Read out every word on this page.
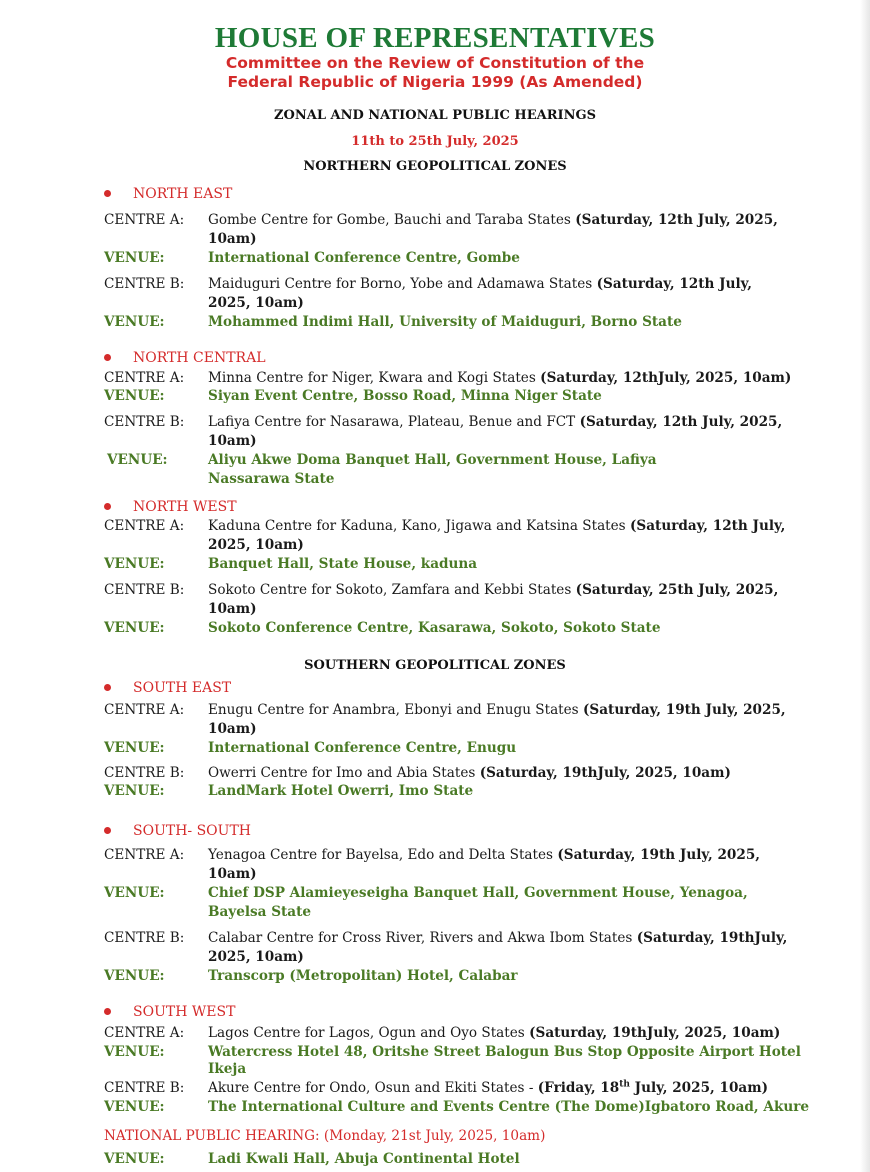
HOUSE OF REPRESENTATIVES
Committee on the Review of Constitution of the
Federal Republic of Nigeria 1999 (As Amended)
ZONAL AND NATIONAL PUBLIC HEARINGS
11th to 25th July, 2025
NORTHERN GEOPOLITICAL ZONES
NORTH EAST
CENTRE A: Gombe Centre for Gombe, Bauchi and Taraba States (Saturday, 12th July, 2025,
10am)
VENUE:	International Conference Centre, Gombe
CENTRE B: Maiduguri Centre for Borno, Yobe and Adamawa States (Saturday, 12th July,
2025, 10am)
VENUE:	Mohammed Indimi Hall, University of Maiduguri, Borno State
NORTH CENTRAL
CENTRE A: Minna Centre for Niger, Kwara and Kogi States (Saturday, 12thJuly, 2025, 10am)
VENUE:	Siyan Event Centre, Bosso Road, Minna Niger State
CENTRE B: Lafiya Centre for Nasarawa, Plateau, Benue and FCT (Saturday, 12th July, 2025,
10am)
VENUE:	Aliyu Akwe Doma Banquet Hall, Government House, Lafiya
Nassarawa State
NORTH WEST
CENTRE A: Kaduna Centre for Kaduna, Kano, Jigawa and Katsina States (Saturday, 12th July,
2025, 10am)
VENUE:	Banquet Hall, State House, kaduna
CENTRE B: Sokoto Centre for Sokoto, Zamfara and Kebbi States (Saturday, 25th July, 2025,
10am)
VENUE:	Sokoto Conference Centre, Kasarawa, Sokoto, Sokoto State
SOUTHERN GEOPOLITICAL ZONES
SOUTH EAST
CENTRE A: Enugu Centre for Anambra, Ebonyi and Enugu States (Saturday, 19th July, 2025,
10am)
VENUE:	International Conference Centre, Enugu
CENTRE B: Owerri Centre for Imo and Abia States (Saturday, 19thJuly, 2025, 10am)
VENUE:	LandMark Hotel Owerri, Imo State
SOUTH- SOUTH
CENTRE A: Yenagoa Centre for Bayelsa, Edo and Delta States (Saturday, 19th July, 2025,
10am)
VENUE:	Chief DSP Alamieyeseigha Banquet Hall, Government House, Yenagoa,
Bayelsa State
CENTRE B: Calabar Centre for Cross River, Rivers and Akwa Ibom States (Saturday, 19thJuly,
2025, 10am)
VENUE:	Transcorp (Metropolitan) Hotel, Calabar
SOUTH WEST
CENTRE A: Lagos Centre for Lagos, Ogun and Oyo States (Saturday, 19thJuly, 2025, 10am)
VENUE:	Watercress Hotel 48, Oritshe Street Balogun Bus Stop Opposite Airport Hotel
Ikeja
CENTRE B: Akure Centre for Ondo, Osun and Ekiti States - (Friday, 18th July, 2025, 10am)
VENUE:	The International Culture and Events Centre (The Dome)Igbatoro Road, Akure
NATIONAL PUBLIC HEARING: (Monday, 21st July, 2025, 10am)
VENUE:	Ladi Kwali Hall, Abuja Continental Hotel
